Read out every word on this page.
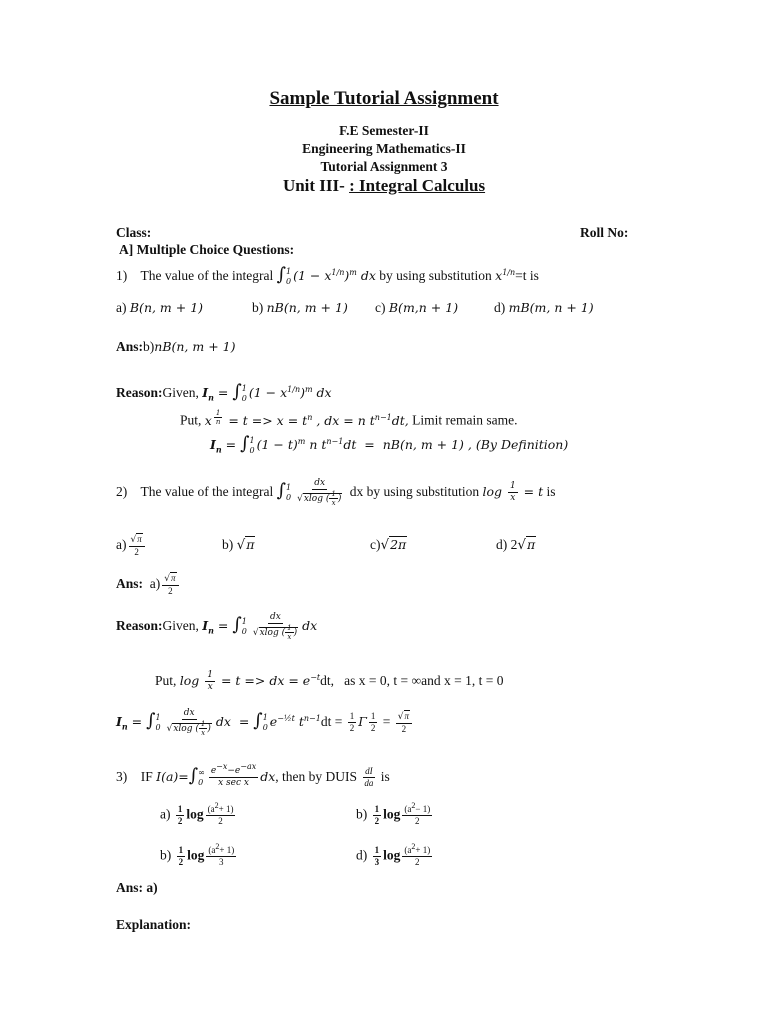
Sample Tutorial Assignment
F.E Semester-II
Engineering Mathematics-II
Tutorial Assignment 3
Unit III- : Integral Calculus
Class:	Roll No:
A] Multiple Choice Questions:
1) The value of the integral ∫ 1
0 $(1 - x^{1/n})^m$ dx by using substitution $x^{1/n}=t$ is
a) B(n, m + 1)	b) nB(n, m + 1) c) B(m,n + 1)	d) mB(m, n + 1)
Ans:b)nB(n, m + 1)
Reason:Given, $I_n$ = ∫ 1
0 $(1 - x^{1/n})^m$ dx
Put, x $^{\frac{1}{n}} = t => x = t^n$ , dx = n $t^{n-1}dt$, Limit remain same.
$I_n$ = ∫ 1
0 $(1 - t)^m$ n $t^{n-1}dt = nB(n$, m + 1) , (By Definition)
2) The value of the integral ∫ 1
$0 \frac{dx}{√xlog ( \frac{1}{x} )}$ dx by using substitution $\log \frac{1}{x} = t$ is
$a) \frac{√\pi}{2}$	b) √π	c)√2π	d) 2√π
Ans: $a) \frac{√\pi}{2}$
Reason:Given, $I_n$ = ∫ 1
$0 \frac{dx}{√xlog ( \frac{1}{x} )}$ dx
Put, $\log \frac{1}{x} = t$ => dx = $e^{-t}dt$,   as x = 0, t = ∞and x = 1, t = 0
$I_n$ = ∫ 1
$0 \frac{dx}{√xlog ( \frac{1}{x} )}$ dx  = ∫ 1
0 $e^{-\frac{1}{2}t}$ $t^{n-1}dt = \frac{1}{2}$ Γ $\frac{1}{2} = \frac{√\pi}{2}$
3) IF I(a)=∫ ∞
$0 \frac{e^{-x}-e^{-ax}}{\text{x sec x}}$ dx, then by DUIS $\frac{dI}{da}$ is
$a) \frac{1}{2}$ $\log \frac{(a^2+ 1)}{2}$	$b) \frac{1}{2}$ $\log \frac{(a^2- 1)}{2}$
$b) \frac{1}{2}$ $\log \frac{(a^2+ 1)}{3}$	$d) \frac{1}{3}$ $\log \frac{(a^2+ 1)}{2}$
Ans: a)
Explanation:
